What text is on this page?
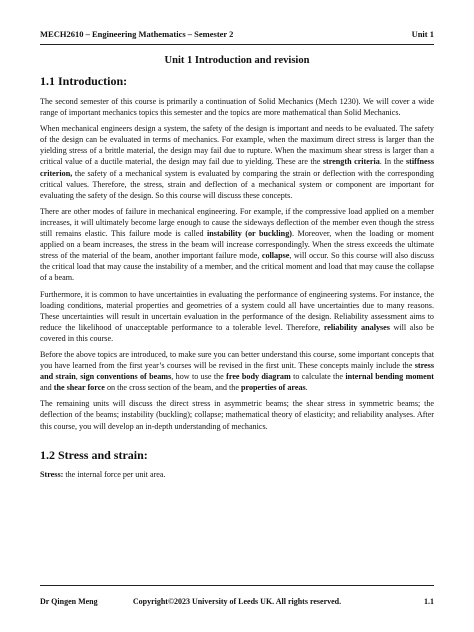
MECH2610 – Engineering Mathematics – Semester 2	Unit 1
Unit 1 Introduction and revision
1.1 Introduction:

The second semester of this course is primarily a continuation of Solid Mechanics (Mech 1230). We will cover a wide range of important mechanics topics this semester and the topics are more mathematical than Solid Mechanics.

When mechanical engineers design a system, the safety of the design is important and needs to be evaluated. The safety of the design can be evaluated in terms of mechanics. For example, when the maximum direct stress is larger than the yielding stress of a brittle material, the design may fail due to rupture. When the maximum shear stress is larger than a critical value of a ductile material, the design may fail due to yielding. These are the strength criteria. In the stiffness criterion, the safety of a mechanical system is evaluated by comparing the strain or deflection with the corresponding critical values. Therefore, the stress, strain and deflection of a mechanical system or component are important for evaluating the safety of the design. So this course will discuss these concepts.

There are other modes of failure in mechanical engineering. For example, if the compressive load applied on a member increases, it will ultimately become large enough to cause the sideways deflection of the member even though the stress still remains elastic. This failure mode is called instability (or buckling). Moreover, when the loading or moment applied on a beam increases, the stress in the beam will increase correspondingly. When the stress exceeds the ultimate stress of the material of the beam, another important failure mode, collapse, will occur. So this course will also discuss the critical load that may cause the instability of a member, and the critical moment and load that may cause the collapse of a beam.

Furthermore, it is common to have uncertainties in evaluating the performance of engineering systems. For instance, the loading conditions, material properties and geometries of a system could all have uncertainties due to many reasons. These uncertainties will result in uncertain evaluation in the performance of the design. Reliability assessment aims to reduce the likelihood of unacceptable performance to a tolerable level. Therefore, reliability analyses will also be covered in this course.

Before the above topics are introduced, to make sure you can better understand this course, some important concepts that you have learned from the first year’s courses will be revised in the first unit. These concepts mainly include the stress and strain, sign conventions of beams, how to use the free body diagram to calculate the internal bending moment and the shear force on the cross section of the beam, and the properties of areas.

The remaining units will discuss the direct stress in asymmetric beams; the shear stress in symmetric beams; the deflection of the beams; instability (buckling); collapse; mathematical theory of elasticity; and reliability analyses. After this course, you will develop an in-depth understanding of mechanics.

1.2 Stress and strain:

Stress: the internal force per unit area.

Dr Qingen Meng	Copyright©2023 University of Leeds UK. All rights reserved.	1.1
